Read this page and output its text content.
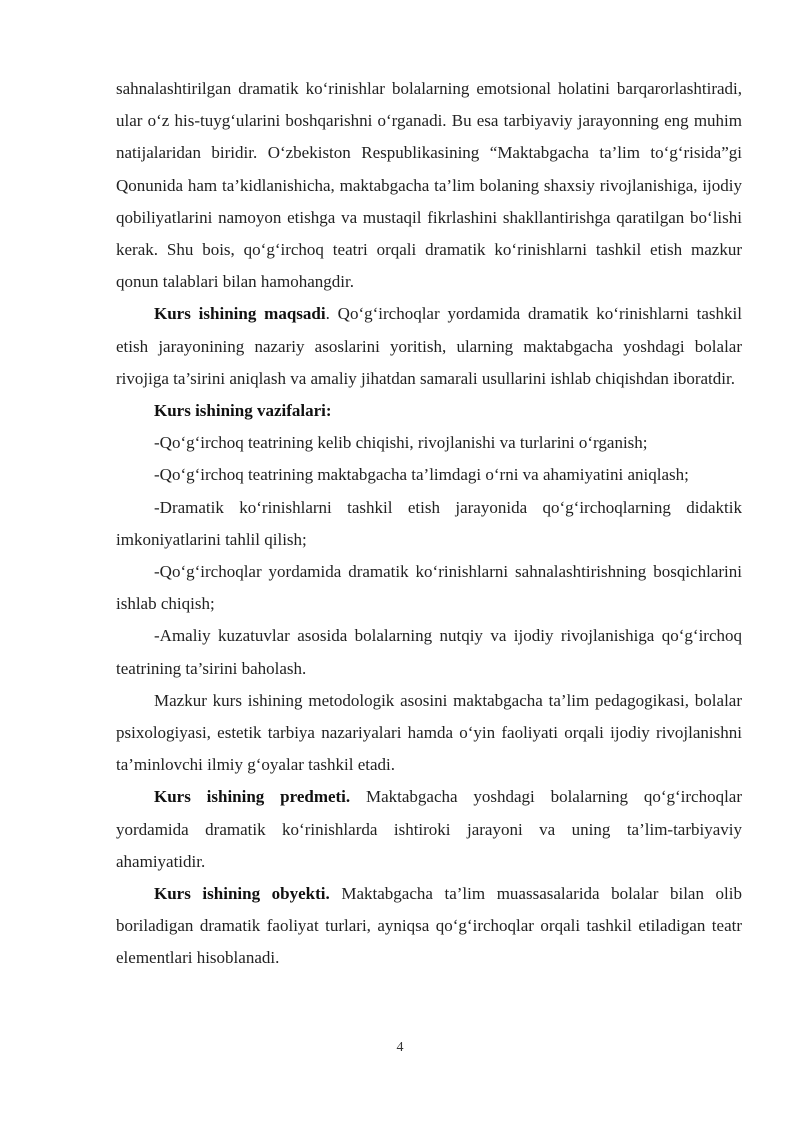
sahnalashtirilgan dramatik ko‘rinishlar bolalarning emotsional holatini barqarorlashtiradi, ular o‘z his-tuyg‘ularini boshqarishni o‘rganadi. Bu esa tarbiyaviy jarayonning eng muhim natijalaridan biridir. O‘zbekiston Respublikasining “Maktabgacha ta’lim to‘g‘risida”gi Qonunida ham ta’kidlanishicha, maktabgacha ta’lim bolaning shaxsiy rivojlanishiga, ijodiy qobiliyatlarini namoyon etishga va mustaqil fikrlashini shakllantirishga qaratilgan bo‘lishi kerak. Shu bois, qo‘g‘irchoq teatri orqali dramatik ko‘rinishlarni tashkil etish mazkur qonun talablari bilan hamohangdir.

Kurs ishining maqsadi. Qo‘g‘irchoqlar yordamida dramatik ko‘rinishlarni tashkil etish jarayonining nazariy asoslarini yoritish, ularning maktabgacha yoshdagi bolalar rivojiga ta’sirini aniqlash va amaliy jihatdan samarali usullarini ishlab chiqishdan iboratdir.

Kurs ishining vazifalari:

-Qo‘g‘irchoq teatrining kelib chiqishi, rivojlanishi va turlarini o‘rganish;

-Qo‘g‘irchoq teatrining maktabgacha ta’limdagi o‘rni va ahamiyatini aniqlash;

-Dramatik ko‘rinishlarni tashkil etish jarayonida qo‘g‘irchoqlarning didaktik imkoniyatlarini tahlil qilish;

-Qo‘g‘irchoqlar yordamida dramatik ko‘rinishlarni sahnalashtirishning bosqichlarini ishlab chiqish;

-Amaliy kuzatuvlar asosida bolalarning nutqiy va ijodiy rivojlanishiga qo‘g‘irchoq teatrining ta’sirini baholash.

Mazkur kurs ishining metodologik asosini maktabgacha ta’lim pedagogikasi, bolalar psixologiyasi, estetik tarbiya nazariyalari hamda o‘yin faoliyati orqali ijodiy rivojlanishni ta’minlovchi ilmiy g‘oyalar tashkil etadi.

Kurs ishining predmeti. Maktabgacha yoshdagi bolalarning qo‘g‘irchoqlar yordamida dramatik ko‘rinishlarda ishtiroki jarayoni va uning ta’lim-tarbiyaviy ahamiyatidir.

Kurs ishining obyekti. Maktabgacha ta’lim muassasalarida bolalar bilan olib boriladigan dramatik faoliyat turlari, ayniqsa qo‘g‘irchoqlar orqali tashkil etiladigan teatr elementlari hisoblanadi.

4
